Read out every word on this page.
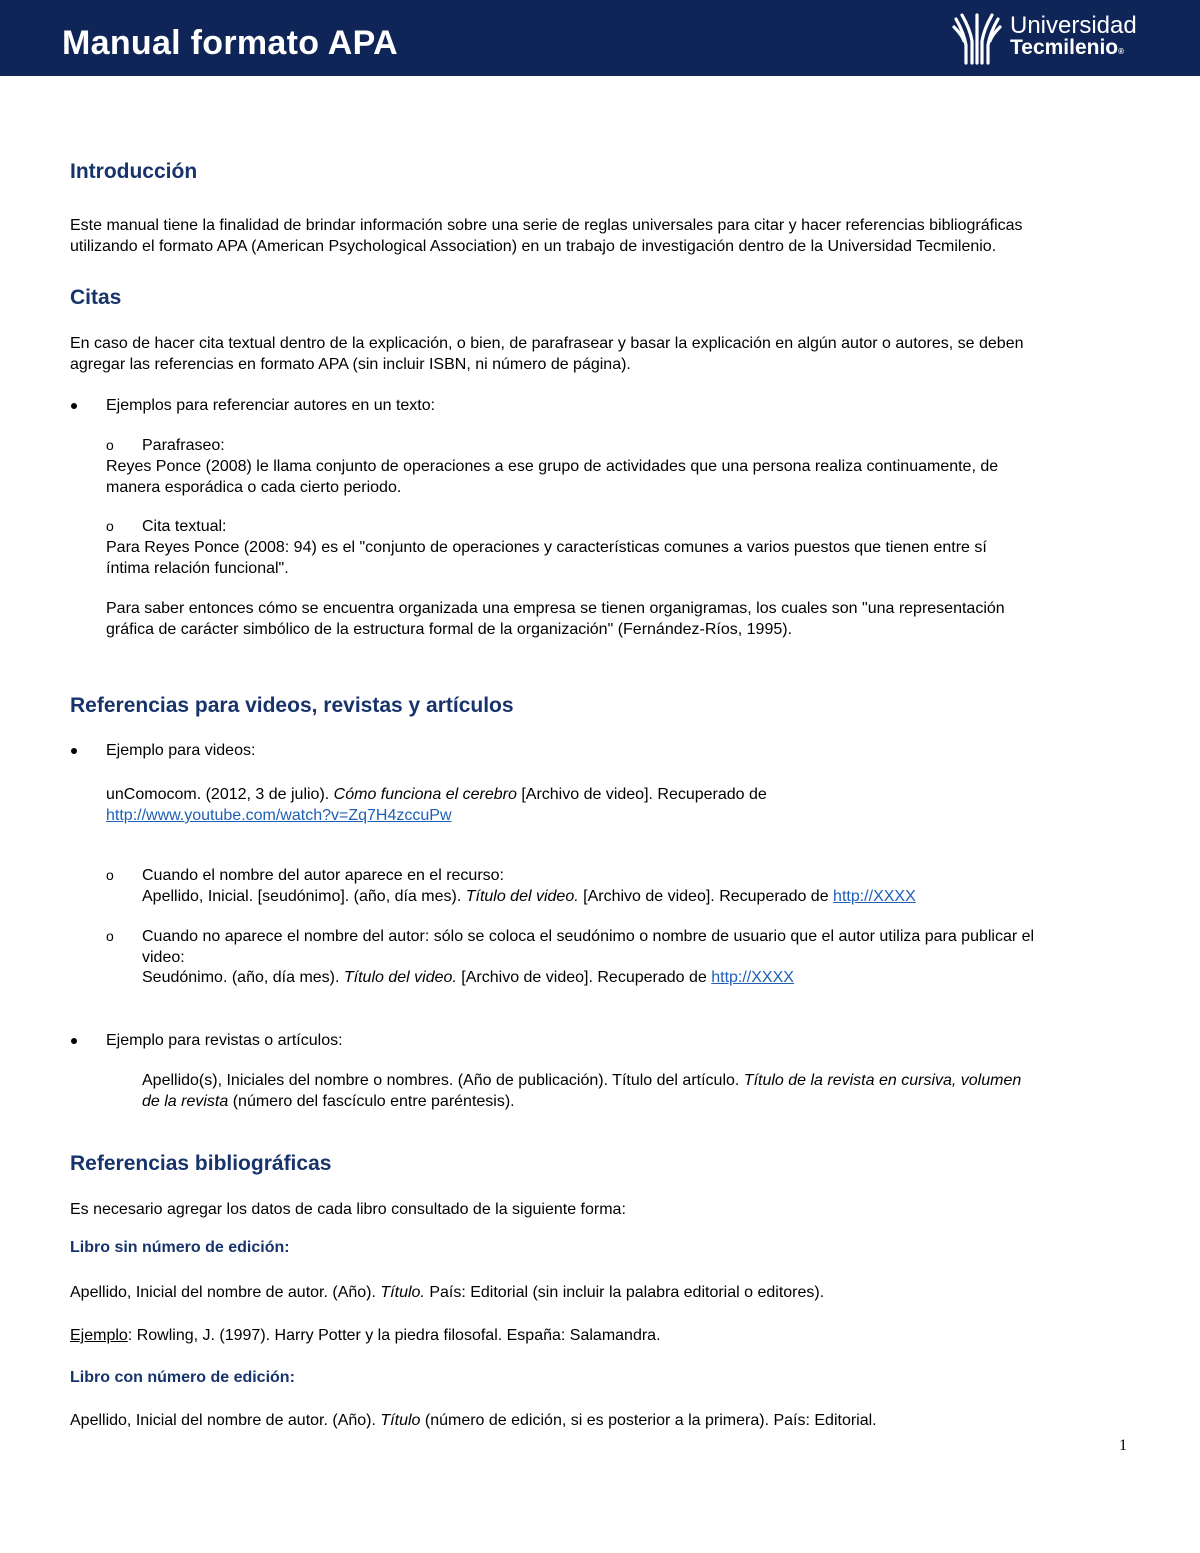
Manual formato APA	Universidad
Tecmilenio®
Introducción
Este manual tiene la finalidad de brindar información sobre una serie de reglas universales para citar y hacer referencias bibliográficas
utilizando el formato APA (American Psychological Association) en un trabajo de investigación dentro de la Universidad Tecmilenio.
Citas
En caso de hacer cita textual dentro de la explicación, o bien, de parafrasear y basar la explicación en algún autor o autores, se deben
agregar las referencias en formato APA (sin incluir ISBN, ni número de página).
Ejemplos para referenciar autores en un texto:
o Parafraseo:
Reyes Ponce (2008) le llama conjunto de operaciones a ese grupo de actividades que una persona realiza continuamente, de
manera esporádica o cada cierto periodo.
o Cita textual:
Para Reyes Ponce (2008: 94) es el "conjunto de operaciones y características comunes a varios puestos que tienen entre sí
íntima relación funcional".
Para saber entonces cómo se encuentra organizada una empresa se tienen organigramas, los cuales son "una representación
gráfica de carácter simbólico de la estructura formal de la organización" (Fernández-Ríos, 1995).
Referencias para videos, revistas y artículos
Ejemplo para videos:
unComocom. (2012, 3 de julio). Cómo funciona el cerebro [Archivo de video]. Recuperado de
http://www.youtube.com/watch?v=Zq7H4zccuPw
o Cuando el nombre del autor aparece en el recurso:
Apellido, Inicial. [seudónimo]. (año, día mes). Título del video. [Archivo de video]. Recuperado de http://XXXX
o Cuando no aparece el nombre del autor: sólo se coloca el seudónimo o nombre de usuario que el autor utiliza para publicar el
video:
Seudónimo. (año, día mes). Título del video. [Archivo de video]. Recuperado de http://XXXX
Ejemplo para revistas o artículos:
Apellido(s), Iniciales del nombre o nombres. (Año de publicación). Título del artículo. Título de la revista en cursiva, volumen
de la revista (número del fascículo entre paréntesis).
Referencias bibliográficas
Es necesario agregar los datos de cada libro consultado de la siguiente forma:
Libro sin número de edición:
Apellido, Inicial del nombre de autor. (Año). Título. País: Editorial (sin incluir la palabra editorial o editores).
Ejemplo: Rowling, J. (1997). Harry Potter y la piedra filosofal. España: Salamandra.
Libro con número de edición:
Apellido, Inicial del nombre de autor. (Año). Título (número de edición, si es posterior a la primera). País: Editorial.
1
